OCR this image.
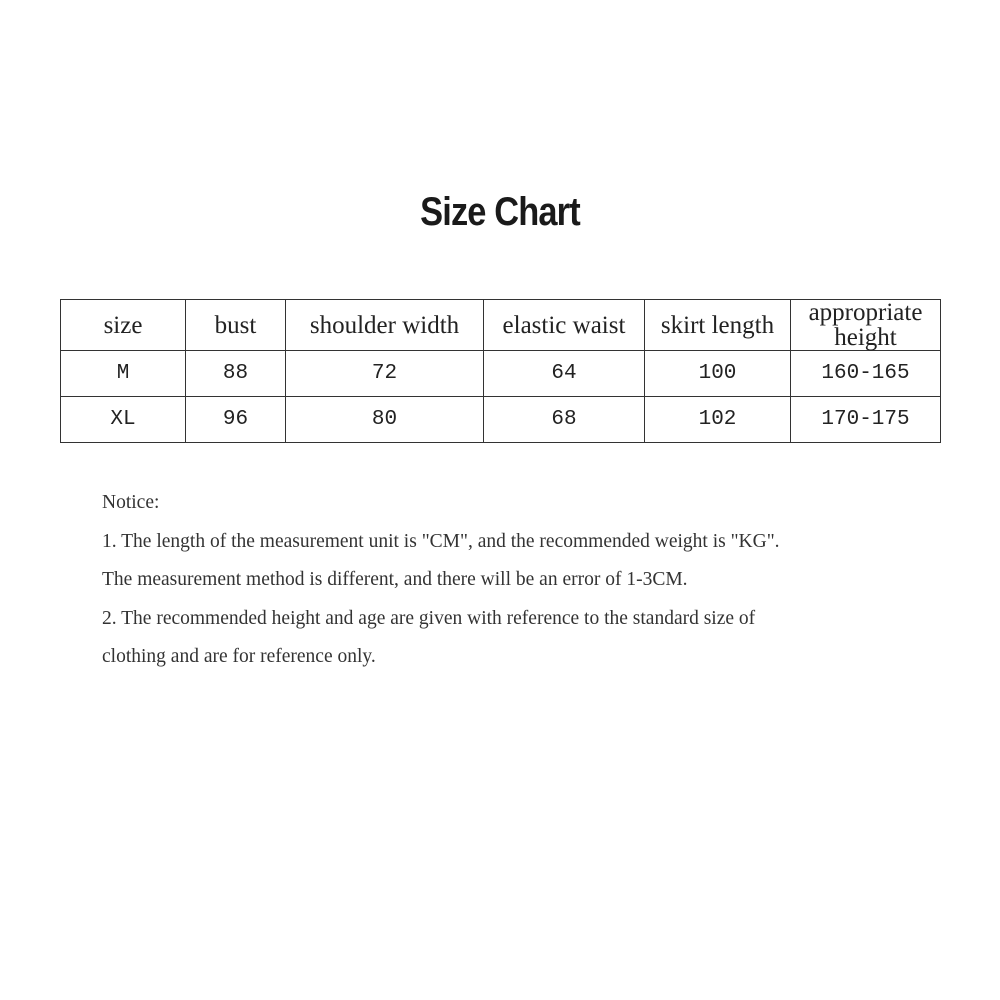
Size Chart
size	bust	shoulder width	elastic waist	skirt length	appropriate height
M	88	72	64	100	160-165
XL	96	80	68	102	170-175

Notice:

1. The length of the measurement unit is "CM", and the recommended weight is "KG".

The measurement method is different, and there will be an error of 1-3CM.

2. The recommended height and age are given with reference to the standard size of

clothing and are for reference only.
